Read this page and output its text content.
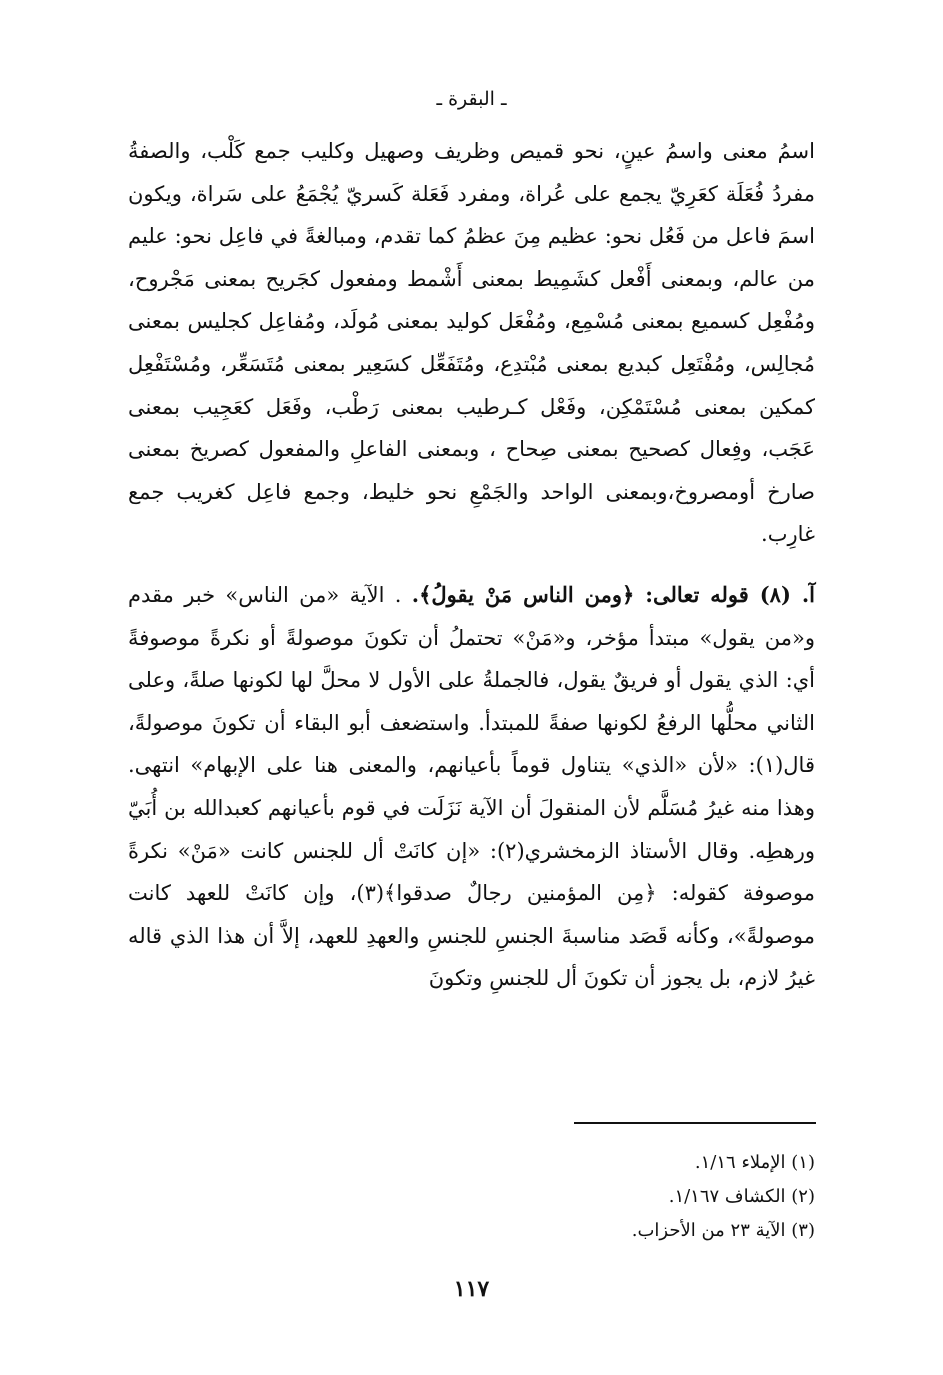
ـ البقرة ـ

اسمُ معنى واسمُ عينٍ، نحو قميص وظريف وصهيل وكليب جمع كَلْب، والصفةُ مفردُ فُعَلَة كعَرِيّ يجمع على عُراة، ومفرد فَعَلة كَسريّ يُجْمَعُ على سَراة، ويكون اسمَ فاعل من فَعُل نحو: عظيم مِنَ عظمُ كما تقدم، ومبالغةً في فاعِل نحو: عليم من عالم، وبمعنى أَفْعل كشَمِيط بمعنى أَشْمط ومفعول كجَريح بمعنى مَجْروح، ومُفْعِل كسميع بمعنى مُسْمِع، ومُفْعَل كوليد بمعنى مُولَد، ومُفاعِل كجليس بمعنى مُجالِس، ومُفْتَعِل كبديع بمعنى مُبْتدِع، ومُتَفَعِّل كسَعِير بمعنى مُتَسَعِّر، ومُسْتَفْعِل كمكين بمعنى مُسْتَمْكِن، وفَعْل كـرطيب بمعنى رَطْب، وفَعَل كعَجِيب بمعنى عَجَب، وفِعال كصحيح بمعنى صِحاح ، وبمعنى الفاعلِ والمفعول كصريخ بمعنى صارخ أومصروخ،وبمعنى الواحد والجَمْعِ نحو خليط، وجمع فاعِل كغريب جمع غارِب.

آ. (٨) قوله تعالى: ﴿ومن الناس مَنْ يقولُ﴾. . الآية «من الناس» خبر مقدم و«من يقول» مبتدأ مؤخر، و«مَنْ» تحتملُ أن تكونَ موصولةً أو نكرةً موصوفةً أي: الذي يقول أو فريقٌ يقول، فالجملةُ على الأول لا محلَّ لها لكونها صلةً، وعلى الثاني محلُّها الرفعُ لكونها صفةً للمبتدأ. واستضعف أبو البقاء أن تكونَ موصولةً، قال(١): «لأن «الذي» يتناول قوماً بأعيانهم، والمعنى هنا على الإبهام» انتهى. وهذا منه غيرُ مُسَلَّم لأن المنقولَ أن الآية نَزَلَت في قوم بأعيانهم كعبدالله بن أُبَيّ ورهطِه. وقال الأستاذ الزمخشري(٢): «إن كانَتْ أل للجنس كانت «مَنْ» نكرةً موصوفة كقوله: ﴿مِن المؤمنين رجالٌ صدقوا﴾(٣)، وإن كانَتْ للعهد كانت موصولةً»، وكأنه قَصَد مناسبةَ الجنسِ للجنسِ والعهدِ للعهد، إلاَّ أن هذا الذي قاله غيرُ لازم، بل يجوز أن تكونَ أل للجنسِ وتكونَ

(١) الإملاء ١/١٦.
(٢) الكشاف ١/١٦٧.
(٣) الآية ٢٣ من الأحزاب.
١١٧
